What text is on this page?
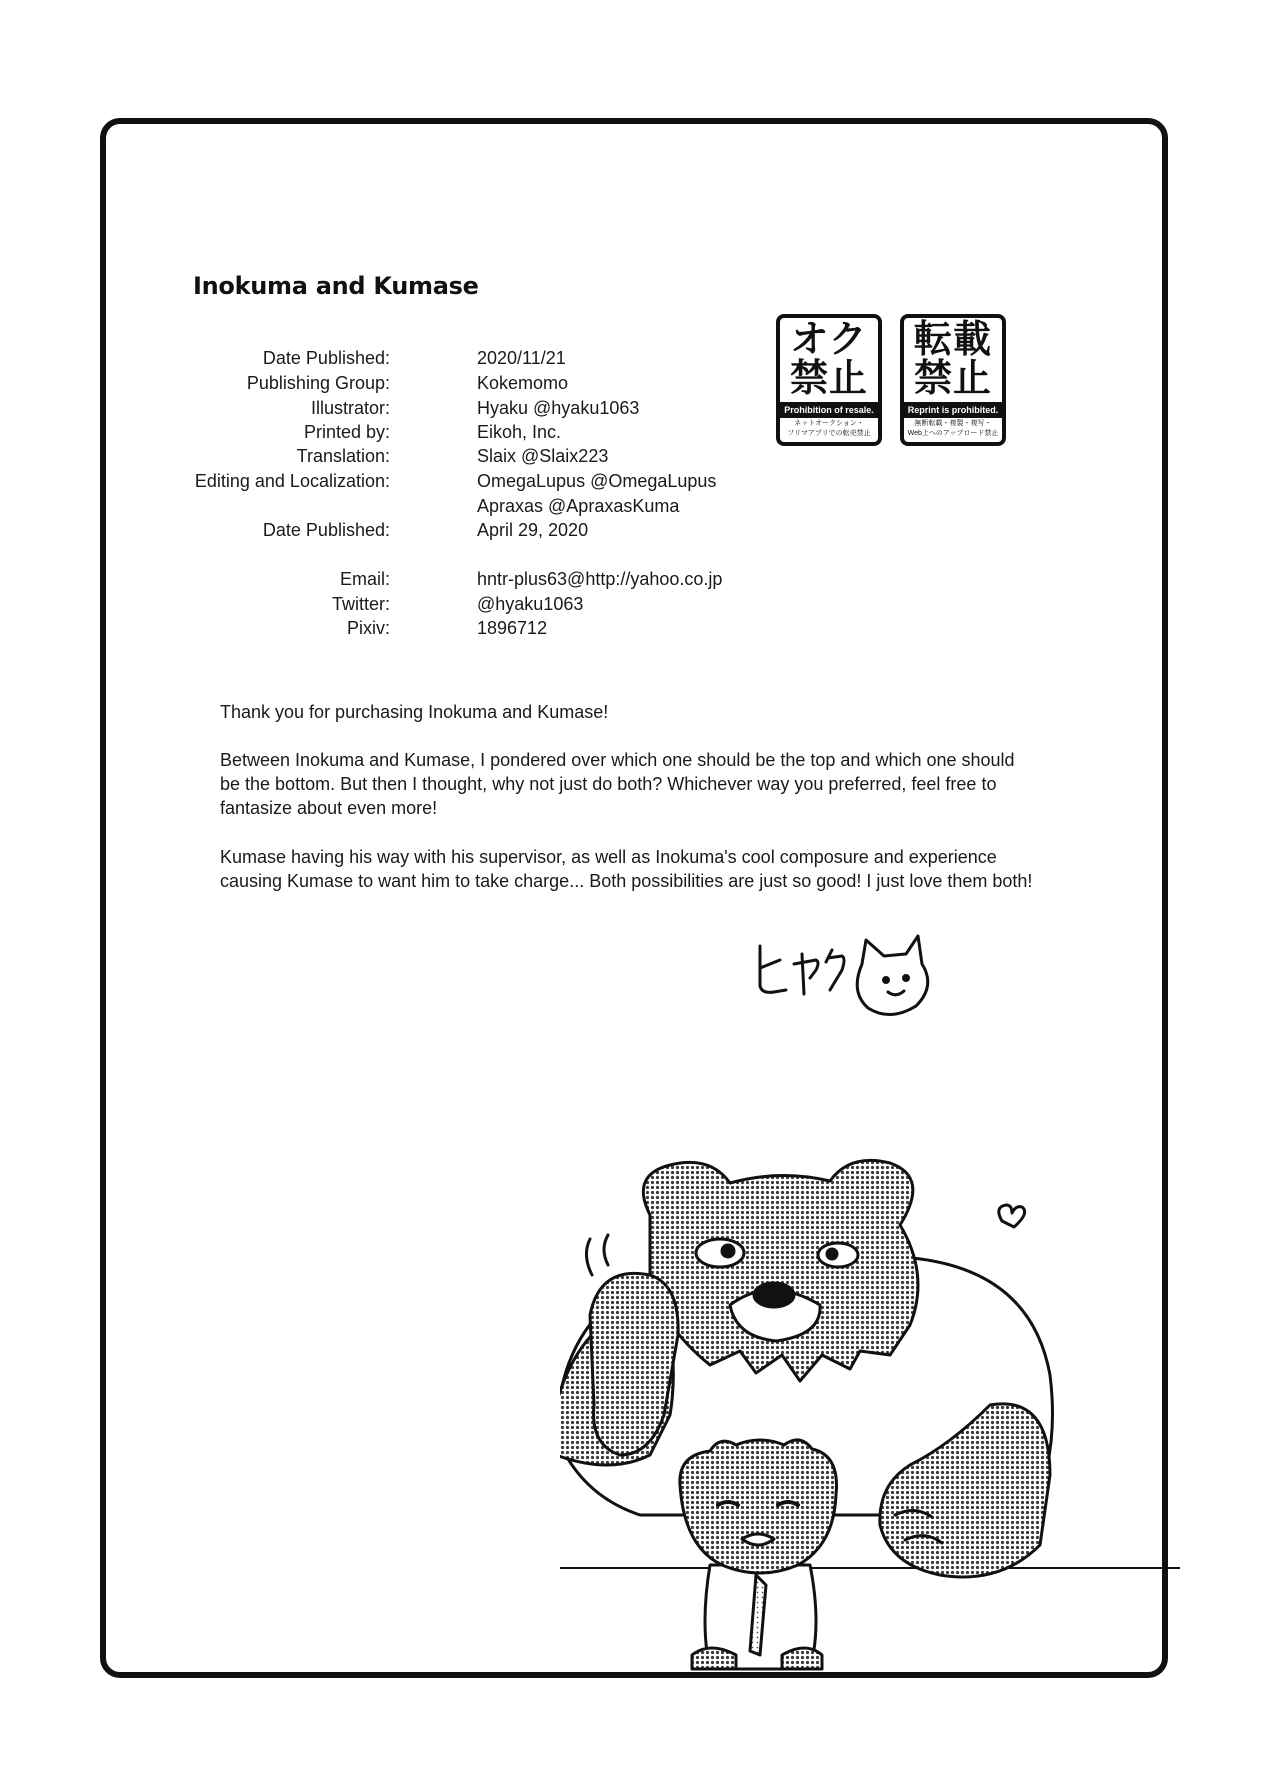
Inokuma and Kumase
Date Published:	2020/11/21
Publishing Group:	Kokemomo
Illustrator:	Hyaku @hyaku1063
Printed by:	Eikoh, Inc.
Translation:	Slaix @Slaix223
Editing and Localization:	OmegaLupus @OmegaLupus
Apraxas @ApraxasKuma
Date Published:	April 29, 2020
Email:	hntr-plus63@http://yahoo.co.jp
Twitter:	@hyaku1063
Pixiv:	1896712
オク
禁止
Prohibition of resale.
ネットオークション・
フリマアプリでの転売禁止
転載
禁止
Reprint is prohibited.
無断転載・複製・複写・
Web上へのアップロード禁止

Thank you for purchasing Inokuma and Kumase!

Between Inokuma and Kumase, I pondered over which one should be the top and which one should
be the bottom. But then I thought, why not just do both? Whichever way you preferred, feel free to
fantasize about even more!
Kumase having his way with his supervisor, as well as Inokuma's cool composure and experience
causing Kumase to want him to take charge... Both possibilities are just so good! I just love them both!
